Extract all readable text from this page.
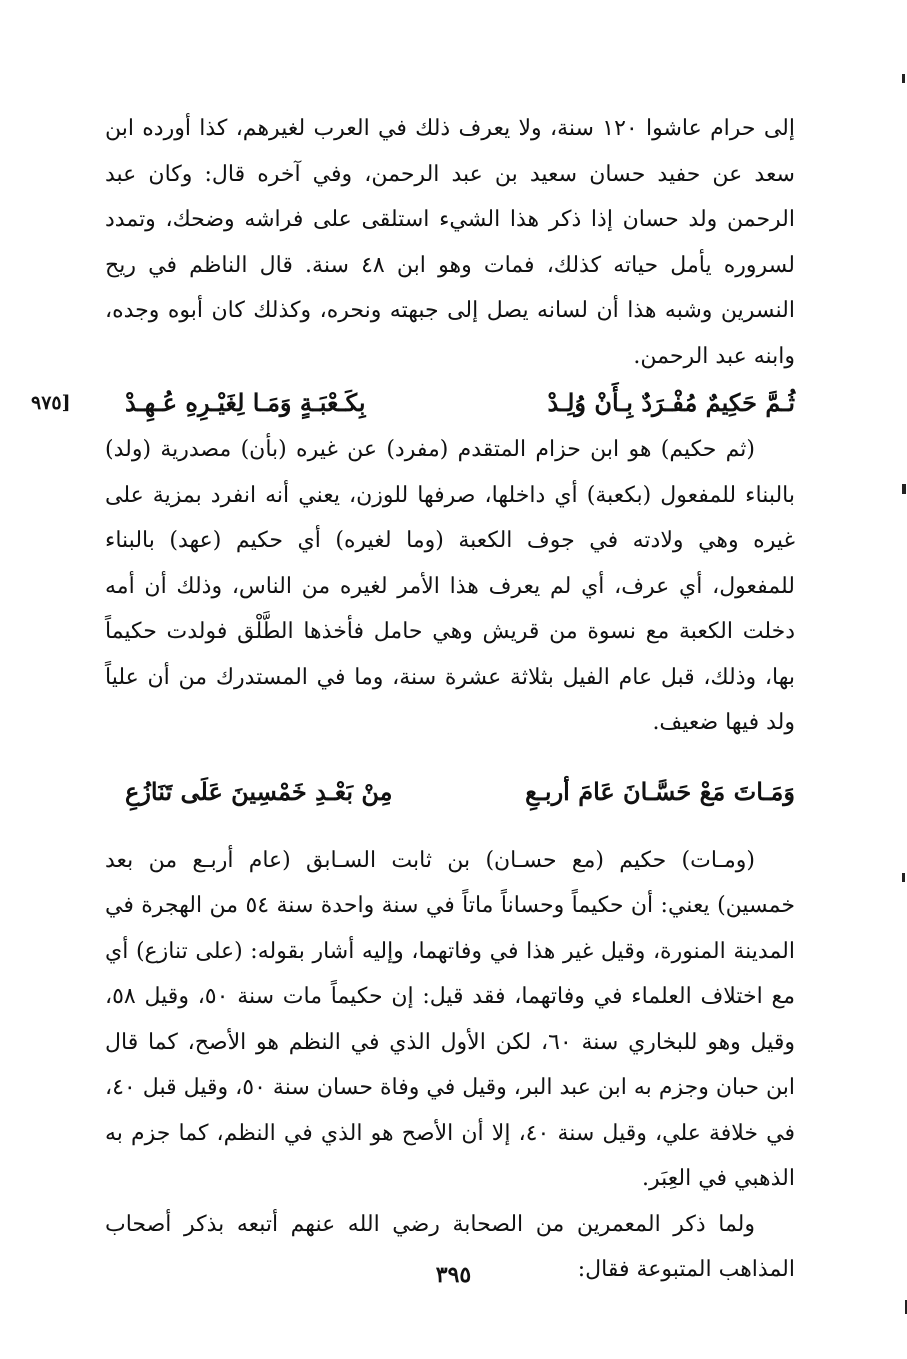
إلى حرام عاشوا ١٢٠ سنة، ولا يعرف ذلك في العرب لغيرهم، كذا أورده ابن سعد عن حفيد حسان سعيد بن عبد الرحمن، وفي آخره قال: وكان عبد الرحمن ولد حسان إذا ذكر هذا الشيء استلقى على فراشه وضحك، وتمدد لسروره يأمل حياته كذلك، فمات وهو ابن ٤٨ سنة. قال الناظم في ريح النسرين وشبه هذا أن لسانه يصل إلى جبهته ونحره، وكذلك كان أبوه وجده، وابنه عبد الرحمن.

ثُـمَّ حَكِيمٌ مُفْـرَدٌ بِـأَنْ وُلِـدْ
بِكَـعْبَـةٍ وَمَـا لِغَيْـرِهِ عُـهِـدْ
[٩٧٥

(ثم حكيم) هو ابن حزام المتقدم (مفرد) عن غيره (بأن) مصدرية (ولد) بالبناء للمفعول (بكعبة) أي داخلها، صرفها للوزن، يعني أنه انفرد بمزية على غيره وهي ولادته في جوف الكعبة (وما لغيره) أي حكيم (عهد) بالبناء للمفعول، أي عرف، أي لم يعرف هذا الأمر لغيره من الناس، وذلك أن أمه دخلت الكعبة مع نسوة من قريش وهي حامل فأخذها الطَّلْق فولدت حكيماً بها، وذلك، قبل عام الفيل بثلاثة عشرة سنة، وما في المستدرك من أن علياً ولد فيها ضعيف.

وَمَـاتَ مَعْ حَسَّـانَ عَامَ أربـعِ
مِنْ بَعْـدِ خَمْسِينَ عَلَى تَنَازُعِ

(ومـات) حكيم (مع حسـان) بن ثابت السـابق (عام أربـع من بعد خمسين) يعني: أن حكيماً وحساناً ماتاً في سنة واحدة سنة ٥٤ من الهجرة في المدينة المنورة، وقيل غير هذا في وفاتهما، وإليه أشار بقوله: (على تنازع) أي مع اختلاف العلماء في وفاتهما، فقد قيل: إن حكيماً مات سنة ٥٠، وقيل ٥٨، وقيل وهو للبخاري سنة ٦٠، لكن الأول الذي في النظم هو الأصح، كما قال ابن حبان وجزم به ابن عبد البر، وقيل في وفاة حسان سنة ٥٠، وقيل قبل ٤٠، في خلافة علي، وقيل سنة ٤٠، إلا أن الأصح هو الذي في النظم، كما جزم به الذهبي في العِبَر.

ولما ذكر المعمرين من الصحابة رضي الله عنهم أتبعه بذكر أصحاب المذاهب المتبوعة فقال:

٣٩٥
